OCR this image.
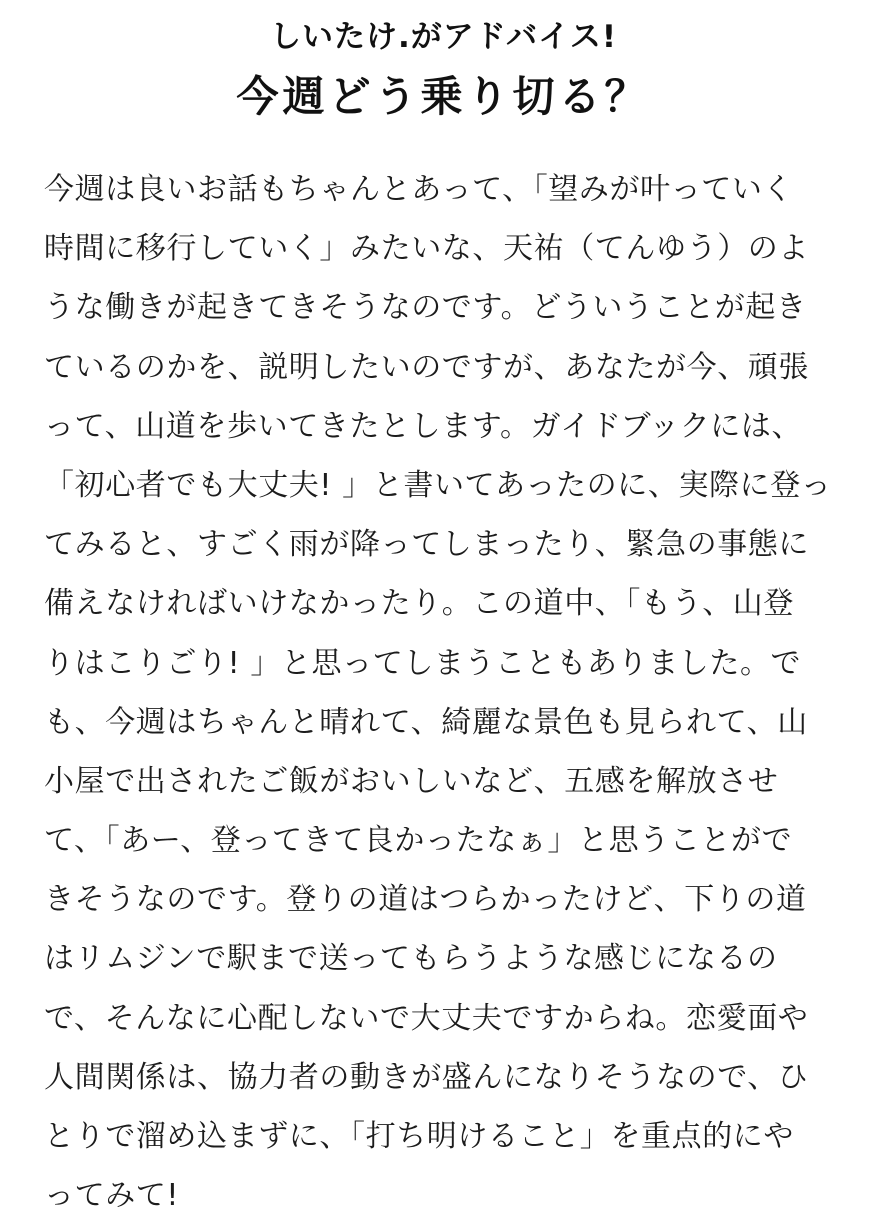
しいたけ.がアドバイス!
今週どう乗り切る？
今週は良いお話もちゃんとあって、「望みが叶っていく
時間に移行していく」みたいな、天祐（てんゆう）のよ
うな働きが起きてきそうなのです。どういうことが起き
ているのかを、説明したいのですが、あなたが今、頑張
って、山道を歩いてきたとします。ガイドブックには、
「初心者でも大丈夫! 」と書いてあったのに、実際に登っ
てみると、すごく雨が降ってしまったり、緊急の事態に
備えなければいけなかったり。この道中、「もう、山登
りはこりごり! 」と思ってしまうこともありました。で
も、今週はちゃんと晴れて、綺麗な景色も見られて、山
小屋で出されたご飯がおいしいなど、五感を解放させ
て、「あー、登ってきて良かったなぁ」と思うことがで
きそうなのです。登りの道はつらかったけど、下りの道
はリムジンで駅まで送ってもらうような感じになるの
で、そんなに心配しないで大丈夫ですからね。恋愛面や
人間関係は、協力者の動きが盛んになりそうなので、ひ
とりで溜め込まずに、「打ち明けること」を重点的にや
ってみて!
